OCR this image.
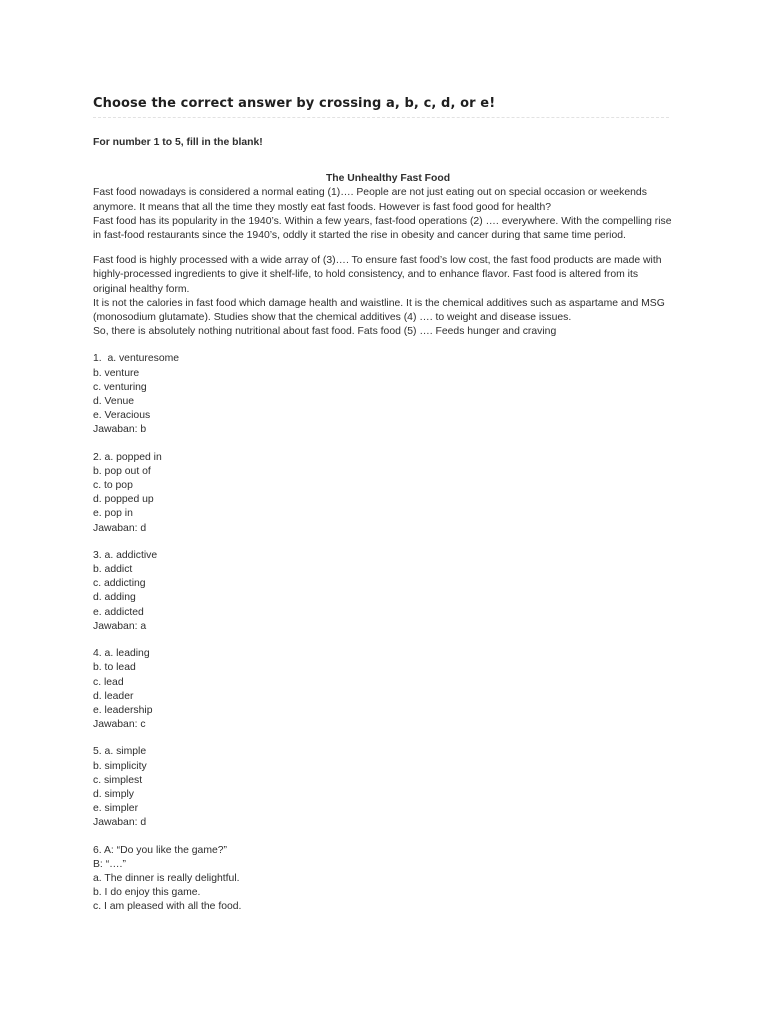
Choose the correct answer by crossing a, b, c, d, or e!

For number 1 to 5, fill in the blank!

The Unhealthy Fast Food

Fast food nowadays is considered a normal eating (1)…. People are not just eating out on special occasion or weekends anymore. It means that all the time they mostly eat fast foods. However is fast food good for health?

Fast food has its popularity in the 1940’s. Within a few years, fast-food operations (2) …. everywhere. With the compelling rise in fast-food restaurants since the 1940’s, oddly it started the rise in obesity and cancer during that same time period.

Fast food is highly processed with a wide array of (3)…. To ensure fast food’s low cost, the fast food products are made with highly-processed ingredients to give it shelf-life, to hold consistency, and to enhance flavor. Fast food is altered from its original healthy form.

It is not the calories in fast food which damage health and waistline. It is the chemical additives such as aspartame and MSG (monosodium glutamate). Studies show that the chemical additives (4) …. to weight and disease issues.

So, there is absolutely nothing nutritional about fast food. Fats food (5) …. Feeds hunger and craving

1.  a. venturesome

b. venture

c. venturing

d. Venue

e. Veracious

Jawaban: b

2. a. popped in

b. pop out of

c. to pop

d. popped up

e. pop in

Jawaban: d

3. a. addictive

b. addict

c. addicting

d. adding

e. addicted

Jawaban: a

4. a. leading

b. to lead

c. lead

d. leader

e. leadership

Jawaban: c

5. a. simple

b. simplicity

c. simplest

d. simply

e. simpler

Jawaban: d

6. A: “Do you like the game?”

B: “….”

a. The dinner is really delightful.

b. I do enjoy this game.

c. I am pleased with all the food.
